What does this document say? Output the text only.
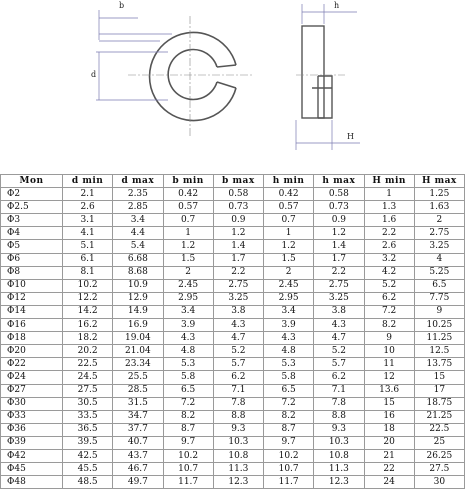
b
d
h
H
Mon	d min	d max	b min	b max	h min	h max	H min	H max
Φ2	2.1	2.35	0.42	0.58	0.42	0.58	1	1.25
Φ2.5	2.6	2.85	0.57	0.73	0.57	0.73	1.3	1.63
Φ3	3.1	3.4	0.7	0.9	0.7	0.9	1.6	2
Φ4	4.1	4.4	1	1.2	1	1.2	2.2	2.75
Φ5	5.1	5.4	1.2	1.4	1.2	1.4	2.6	3.25
Φ6	6.1	6.68	1.5	1.7	1.5	1.7	3.2	4
Φ8	8.1	8.68	2	2.2	2	2.2	4.2	5.25
Φ10	10.2	10.9	2.45	2.75	2.45	2.75	5.2	6.5
Φ12	12.2	12.9	2.95	3.25	2.95	3.25	6.2	7.75
Φ14	14.2	14.9	3.4	3.8	3.4	3.8	7.2	9
Φ16	16.2	16.9	3.9	4.3	3.9	4.3	8.2	10.25
Φ18	18.2	19.04	4.3	4.7	4.3	4.7	9	11.25
Φ20	20.2	21.04	4.8	5.2	4.8	5.2	10	12.5
Φ22	22.5	23.34	5.3	5.7	5.3	5.7	11	13.75
Φ24	24.5	25.5	5.8	6.2	5.8	6.2	12	15
Φ27	27.5	28.5	6.5	7.1	6.5	7.1	13.6	17
Φ30	30.5	31.5	7.2	7.8	7.2	7.8	15	18.75
Φ33	33.5	34.7	8.2	8.8	8.2	8.8	16	21.25
Φ36	36.5	37.7	8.7	9.3	8.7	9.3	18	22.5
Φ39	39.5	40.7	9.7	10.3	9.7	10.3	20	25
Φ42	42.5	43.7	10.2	10.8	10.2	10.8	21	26.25
Φ45	45.5	46.7	10.7	11.3	10.7	11.3	22	27.5
Φ48	48.5	49.7	11.7	12.3	11.7	12.3	24	30
